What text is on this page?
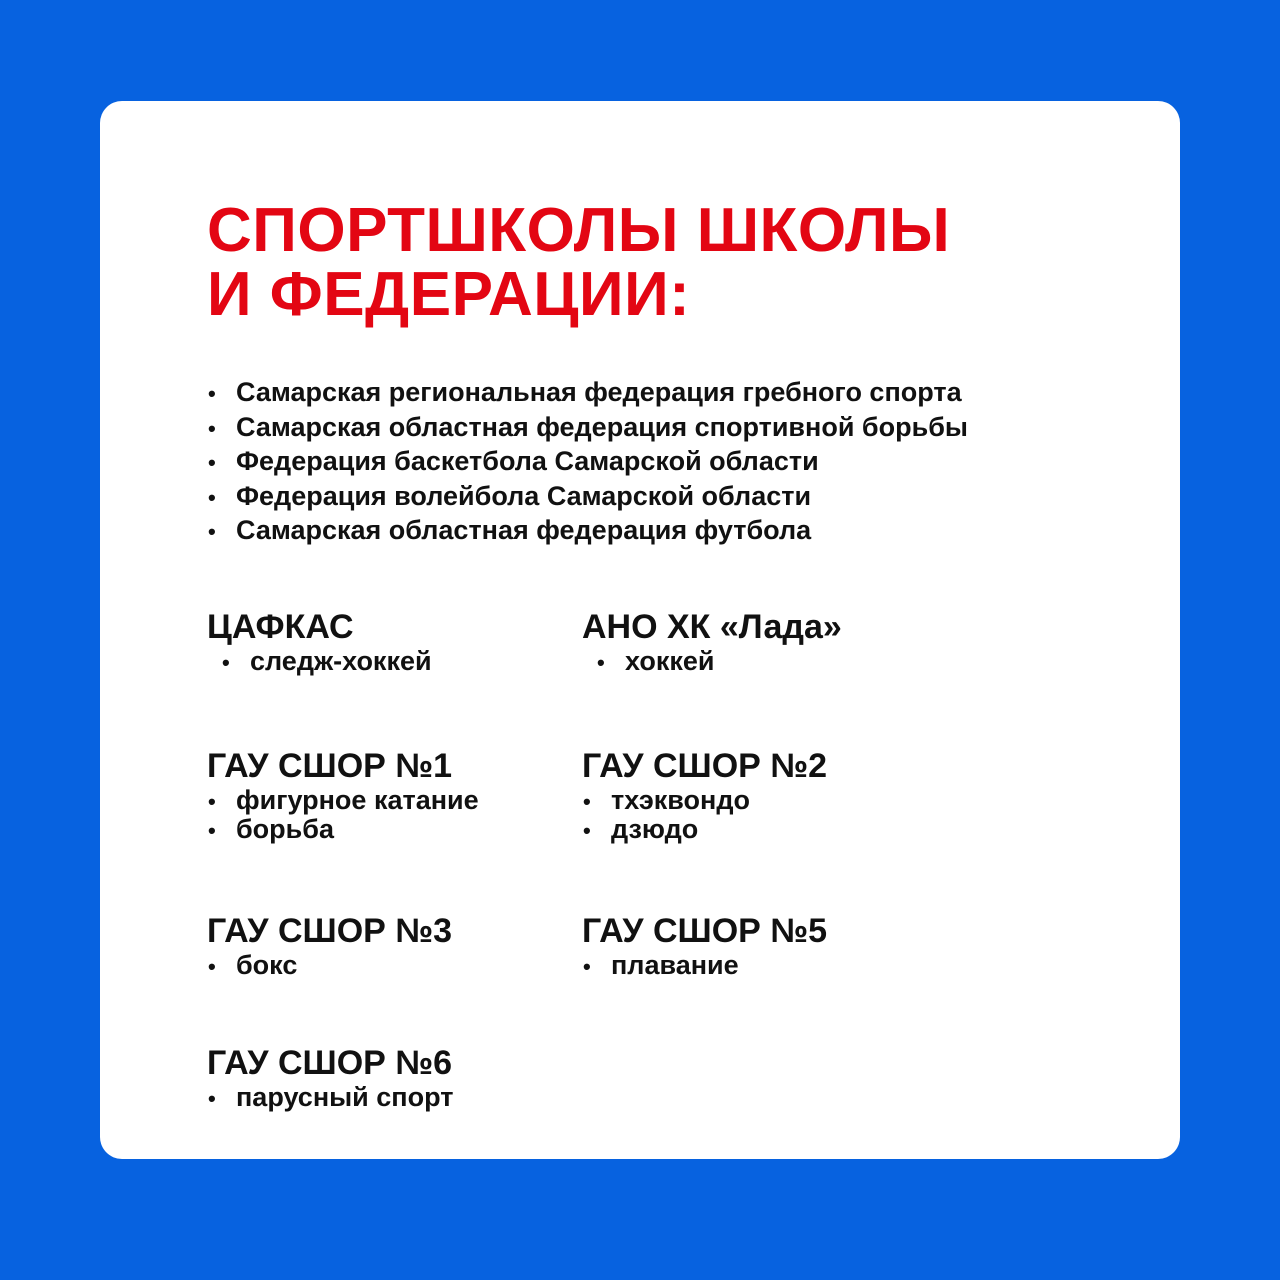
СПОРТШКОЛЫ ШКОЛЫ
И ФЕДЕРАЦИИ:
• Самарская региональная федерация гребного спорта
• Самарская областная федерация спортивной борьбы
• Федерация баскетбола Самарской области
• Федерация волейбола Самарской области
• Самарская областная федерация футбола
ЦАФКАС
• следж-хоккей
АНО ХК «Лада»
• хоккей
ГАУ СШОР №1
• фигурное катание
• борьба
ГАУ СШОР №2
• тхэквондо
• дзюдо
ГАУ СШОР №3
• бокс
ГАУ СШОР №5
• плавание
ГАУ СШОР №6
• парусный спорт
